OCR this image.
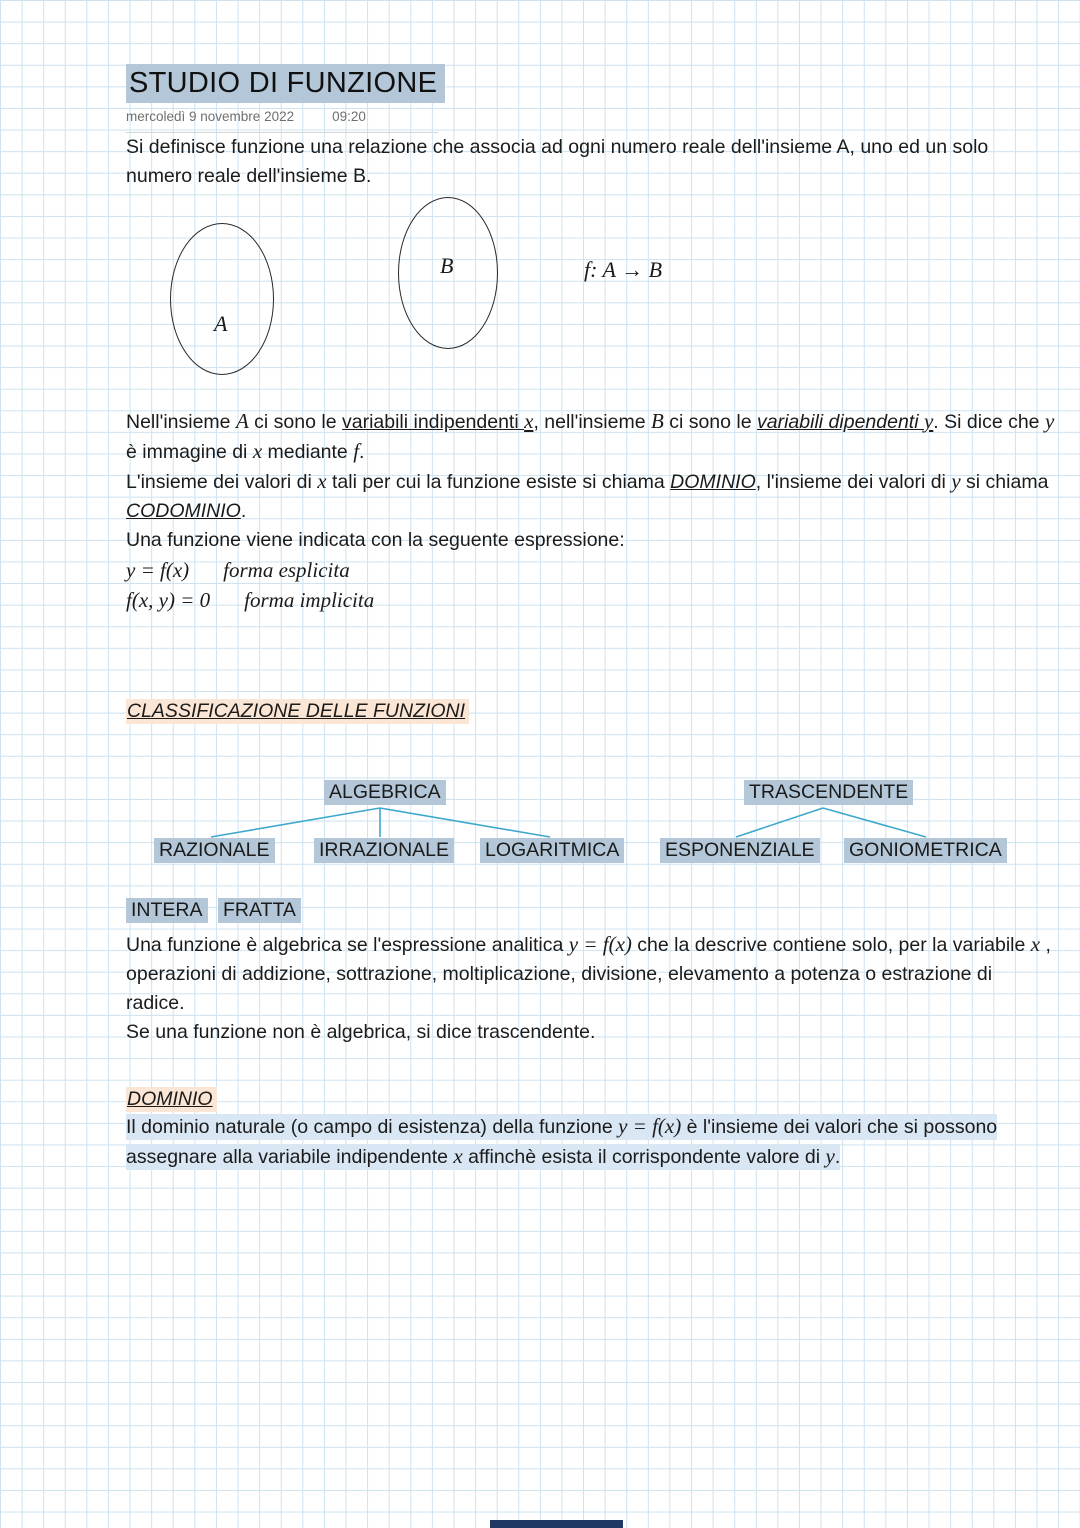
STUDIO DI FUNZIONE
mercoledì 9 novembre 2022	09:20

Si definisce funzione una relazione che associa ad ogni numero reale dell'insieme A, uno ed un solo numero reale dell'insieme B.

A
B	f: A → B

Nell'insieme A ci sono le variabili indipendenti x, nell'insieme B ci sono le variabili dipendenti y. Si dice che y è immagine di x mediante f.
L'insieme dei valori di x tali per cui la funzione esiste si chiama DOMINIO, l'insieme dei valori di y si chiama CODOMINIO.

Una funzione viene indicata con la seguente espressione:

y = f(x) forma esplicita

f(x, y) = 0 forma implicita

CLASSIFICAZIONE DELLE FUNZIONI
ALGEBRICA	TRASCENDENTE
RAZIONALE	IRRAZIONALE LOGARITMICA ESPONENZIALE GONIOMETRICA
INTERA FRATTA

Una funzione è algebrica se l'espressione analitica y = f(x) che la descrive contiene solo, per la variabile x , operazioni di addizione, sottrazione, moltiplicazione, divisione, elevamento a potenza o estrazione di radice.
Se una funzione non è algebrica, si dice trascendente.

DOMINIO

Il dominio naturale (o campo di esistenza) della funzione y = f(x) è l'insieme dei valori che si possono assegnare alla variabile indipendente x affinchè esista il corrispondente valore di y.
